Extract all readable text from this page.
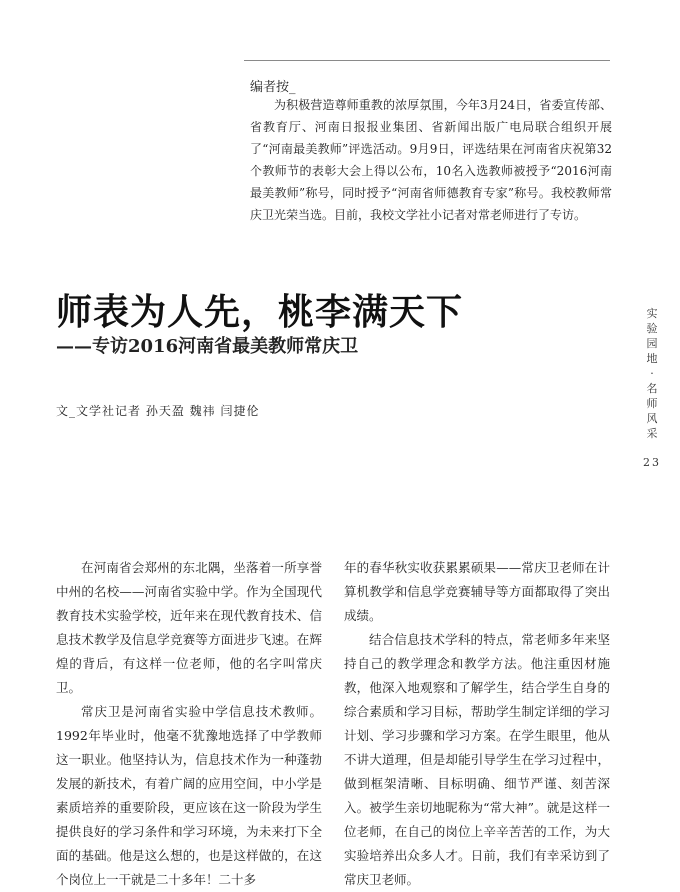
编者按_

为积极营造尊师重教的浓厚氛围，今年3月24日，省委宣传部、省教育厅、河南日报报业集团、省新闻出版广电局联合组织开展了“河南最美教师”评选活动。9月9日，评选结果在河南省庆祝第32个教师节的表彰大会上得以公布，10名入选教师被授予“2016河南最美教师”称号，同时授予“河南省师德教育专家”称号。我校教师常庆卫光荣当选。目前，我校文学社小记者对常老师进行了专访。

师表为人先，桃李满天下
——专访2016河南省最美教师常庆卫
文_文学社记者 孙天盈 魏祎 闫捷伦
实
验
园
地
·
名
师
风
采
23

在河南省会郑州的东北隅，坐落着一所享誉中州的名校——河南省实验中学。作为全国现代教育技术实验学校，近年来在现代教育技术、信息技术教学及信息学竞赛等方面进步飞速。在辉煌的背后，有这样一位老师，他的名字叫常庆卫。

常庆卫是河南省实验中学信息技术教师。1992年毕业时，他毫不犹豫地选择了中学教师这一职业。他坚持认为，信息技术作为一种蓬勃发展的新技术，有着广阔的应用空间，中小学是素质培养的重要阶段，更应该在这一阶段为学生提供良好的学习条件和学习环境，为未来打下全面的基础。他是这么想的，也是这样做的，在这个岗位上一干就是二十多年！二十多

年的春华秋实收获累累硕果——常庆卫老师在计算机教学和信息学竞赛辅导等方面都取得了突出成绩。

结合信息技术学科的特点，常老师多年来坚持自己的教学理念和教学方法。他注重因材施教，他深入地观察和了解学生，结合学生自身的综合素质和学习目标，帮助学生制定详细的学习计划、学习步骤和学习方案。在学生眼里，他从不讲大道理，但是却能引导学生在学习过程中，做到框架清晰、目标明确、细节严谨、刻苦深入。被学生亲切地昵称为“常大神”。就是这样一位老师，在自己的岗位上辛辛苦苦的工作，为大实验培养出众多人才。日前，我们有幸采访到了常庆卫老师。
